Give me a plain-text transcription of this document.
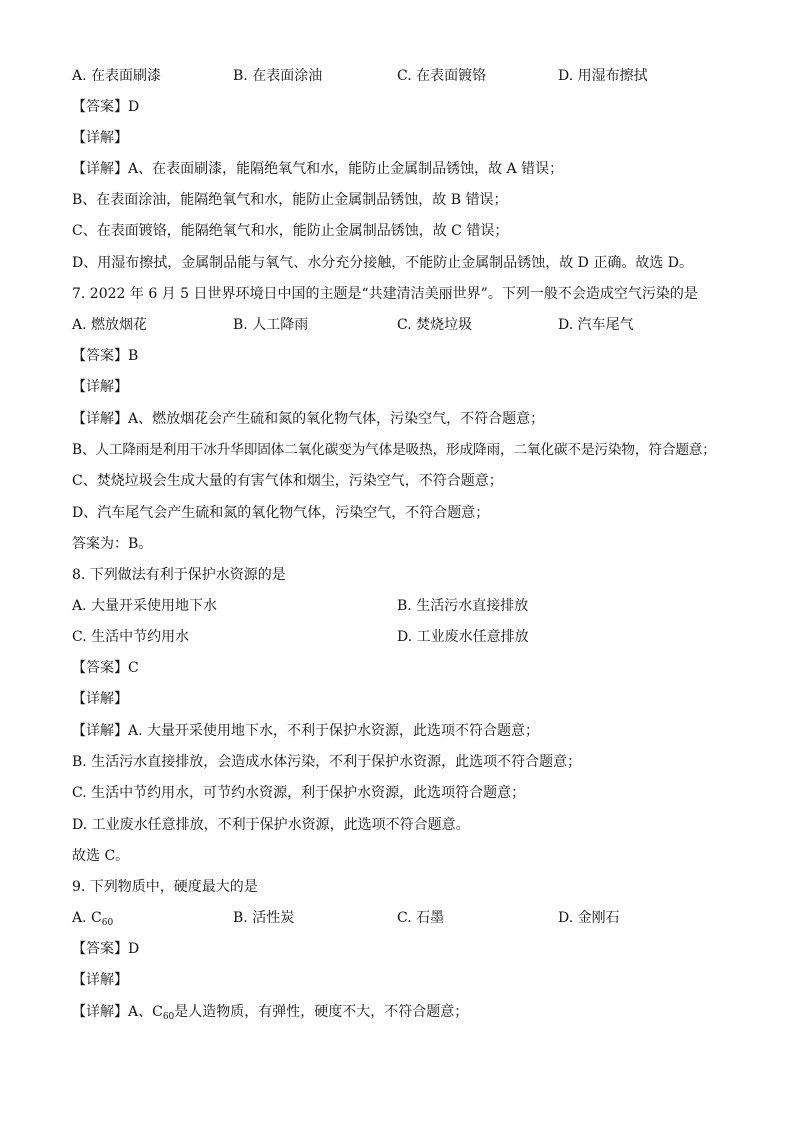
A. 在表面刷漆	B. 在表面涂油	C. 在表面镀铬	D. 用湿布擦拭
【答案】D
【详解】
【详解】A、在表面刷漆，能隔绝氧气和水，能防止金属制品锈蚀，故 A 错误；
B、在表面涂油，能隔绝氧气和水，能防止金属制品锈蚀，故 B 错误；
C、在表面镀铬，能隔绝氧气和水，能防止金属制品锈蚀，故 C 错误；
D、用湿布擦拭，金属制品能与氧气、水分充分接触，不能防止金属制品锈蚀，故 D 正确。故选 D。
7. 2022 年 6 月 5 日世界环境日中国的主题是“共建清洁美丽世界”。下列一般不会造成空气污染的是
A. 燃放烟花	B. 人工降雨	C. 焚烧垃圾	D. 汽车尾气
【答案】B
【详解】
【详解】A、燃放烟花会产生硫和氮的氧化物气体，污染空气，不符合题意；
B、人工降雨是利用干冰升华即固体二氧化碳变为气体是吸热，形成降雨，二氧化碳不是污染物，符合题意；
C、焚烧垃圾会生成大量的有害气体和烟尘，污染空气，不符合题意；
D、汽车尾气会产生硫和氮的氧化物气体，污染空气，不符合题意；
答案为：B。
8. 下列做法有利于保护水资源的是
A. 大量开采使用地下水	B. 生活污水直接排放
C. 生活中节约用水	D. 工业废水任意排放
【答案】C
【详解】
【详解】A. 大量开采使用地下水，不利于保护水资源，此选项不符合题意；
B. 生活污水直接排放，会造成水体污染，不利于保护水资源，此选项不符合题意；
C. 生活中节约用水，可节约水资源，利于保护水资源，此选项符合题意；
D. 工业废水任意排放，不利于保护水资源，此选项不符合题意。
故选 C。
9. 下列物质中，硬度最大的是
A. $C_{60}$	B. 活性炭	C. 石墨	D. 金刚石
【答案】D
【详解】
【详解】A、$C_{60}$是人造物质，有弹性，硬度不大，不符合题意；
